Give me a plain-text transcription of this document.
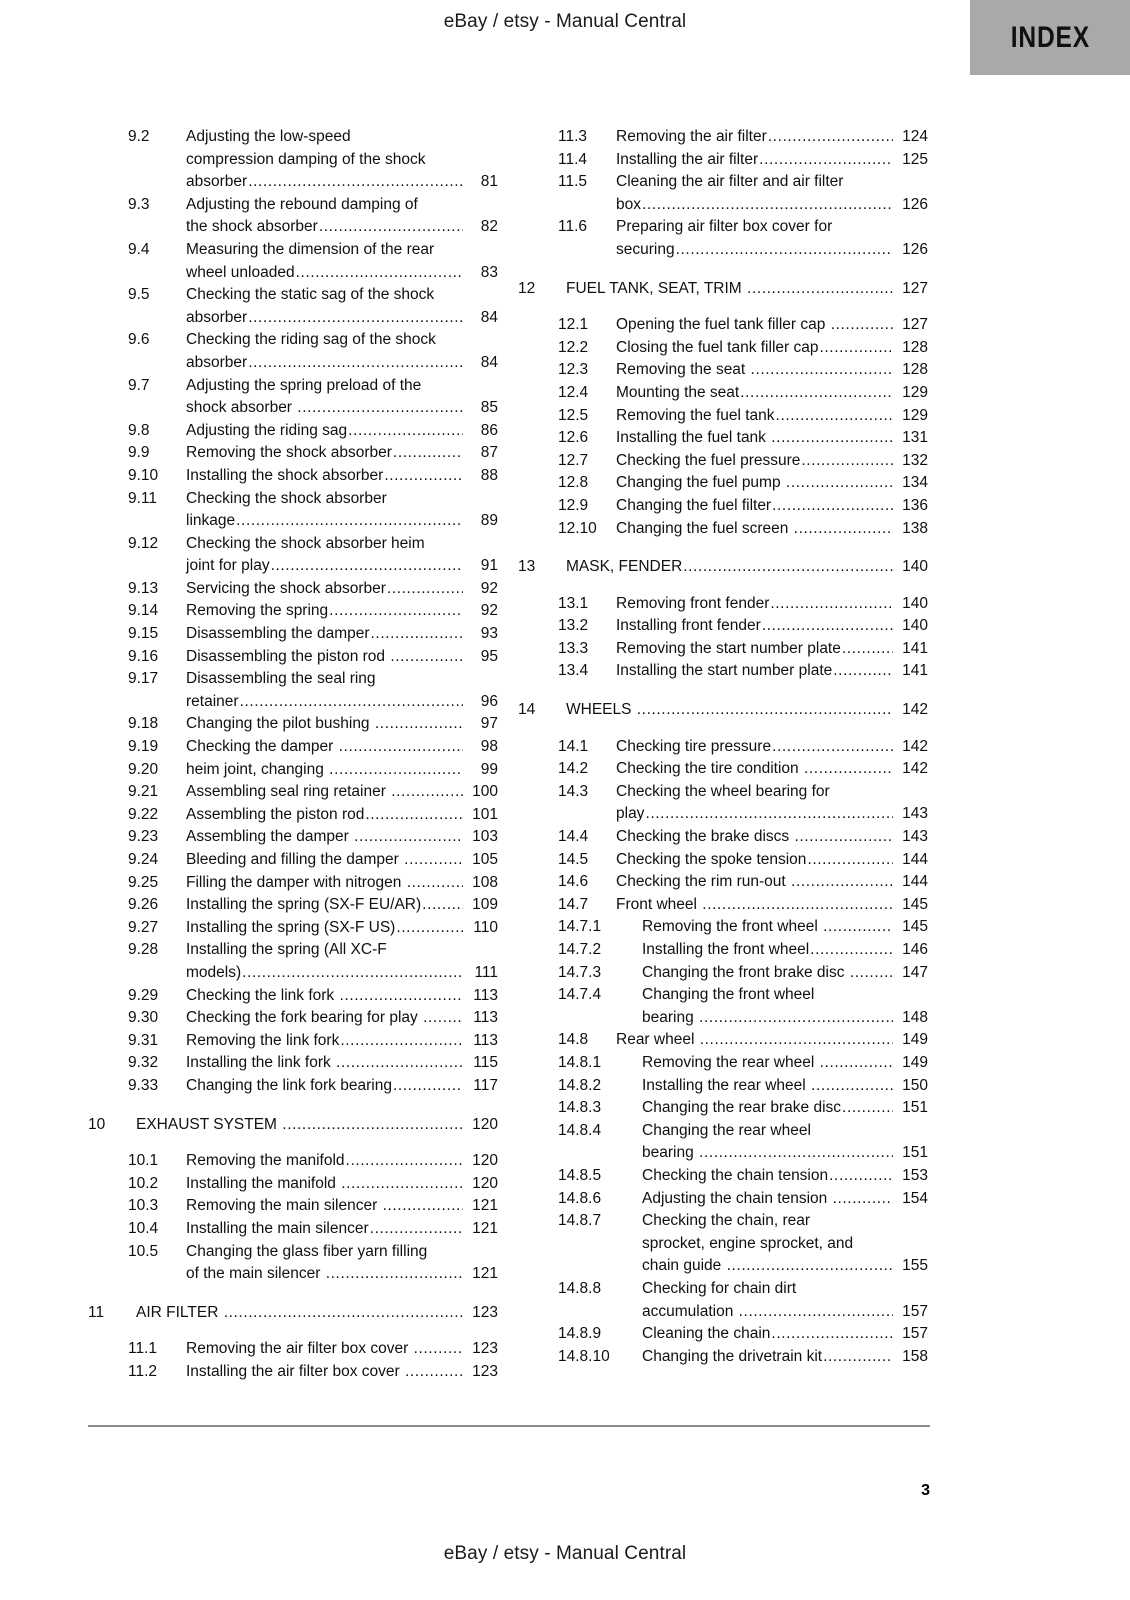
eBay / etsy - Manual Central	INDEX
9.2	Adjusting the low-speed
compression damping of the shock
absorber .....	81
9.3	Adjusting the rebound damping of
the shock absorber .....	82
9.4	Measuring the dimension of the rear
wheel unloaded .....	83
9.5	Checking the static sag of the shock
absorber .....	84
9.6	Checking the riding sag of the shock
absorber .....	84
9.7	Adjusting the spring preload of the
shock absorber .....	85
9.8	Adjusting the riding sag .....	86
9.9	Removing the shock absorber .....	87
9.10	Installing the shock absorber .....	88
9.11	Checking the shock absorber
linkage .....	89
9.12	Checking the shock absorber heim
joint for play .....	91
9.13	Servicing the shock absorber .....	92
9.14	Removing the spring .....	92
9.15	Disassembling the damper .....	93
9.16	Disassembling the piston rod .....	95
9.17	Disassembling the seal ring
retainer .....	96
9.18	Changing the pilot bushing .....	97
9.19	Checking the damper .....	98
9.20	heim joint, changing .....	99
9.21	Assembling seal ring retainer .....	100
9.22	Assembling the piston rod .....	101
9.23	Assembling the damper .....	103
9.24	Bleeding and filling the damper .....	105
9.25	Filling the damper with nitrogen .....	108
9.26	Installing the spring (SX-F EU/AR) .....	109
9.27	Installing the spring (SX-F US) .....	110
9.28	Installing the spring (All XC-F
models) .....	111
9.29	Checking the link fork .....	113
9.30	Checking the fork bearing for play .....	113
9.31	Removing the link fork .....	113
9.32	Installing the link fork .....	115
9.33	Changing the link fork bearing .....	117
10	EXHAUST SYSTEM .....	120
10.1	Removing the manifold .....	120
10.2	Installing the manifold .....	120
10.3	Removing the main silencer .....	121
10.4	Installing the main silencer .....	121
10.5	Changing the glass fiber yarn filling
of the main silencer .....	121
11	AIR FILTER .....	123
11.1	Removing the air filter box cover .....	123
11.2	Installing the air filter box cover .....	123
11.3	Removing the air filter .....	124
11.4	Installing the air filter .....	125
11.5	Cleaning the air filter and air filter
box .....	126
11.6	Preparing air filter box cover for
securing .....	126
12	FUEL TANK, SEAT, TRIM .....	127
12.1	Opening the fuel tank filler cap .....	127
12.2	Closing the fuel tank filler cap .....	128
12.3	Removing the seat .....	128
12.4	Mounting the seat .....	129
12.5	Removing the fuel tank .....	129
12.6	Installing the fuel tank .....	131
12.7	Checking the fuel pressure .....	132
12.8	Changing the fuel pump .....	134
12.9	Changing the fuel filter .....	136
12.10	Changing the fuel screen .....	138
13	MASK, FENDER .....	140
13.1	Removing front fender .....	140
13.2	Installing front fender .....	140
13.3	Removing the start number plate .....	141
13.4	Installing the start number plate .....	141
14	WHEELS .....	142
14.1	Checking tire pressure .....	142
14.2	Checking the tire condition .....	142
14.3	Checking the wheel bearing for
play .....	143
14.4	Checking the brake discs .....	143
14.5	Checking the spoke tension .....	144
14.6	Checking the rim run-out .....	144
14.7	Front wheel .....	145
14.7.1	Removing the front wheel .....	145
14.7.2	Installing the front wheel .....	146
14.7.3	Changing the front brake disc .....	147
14.7.4	Changing the front wheel
bearing .....	148
14.8	Rear wheel .....	149
14.8.1	Removing the rear wheel .....	149
14.8.2	Installing the rear wheel .....	150
14.8.3	Changing the rear brake disc .....	151
14.8.4	Changing the rear wheel
bearing .....	151
14.8.5	Checking the chain tension .....	153
14.8.6	Adjusting the chain tension .....	154
14.8.7	Checking the chain, rear
sprocket, engine sprocket, and
chain guide .....	155
14.8.8	Checking for chain dirt
accumulation .....	157
14.8.9	Cleaning the chain .....	157
14.8.10	Changing the drivetrain kit .....	158
3
eBay / etsy - Manual Central
